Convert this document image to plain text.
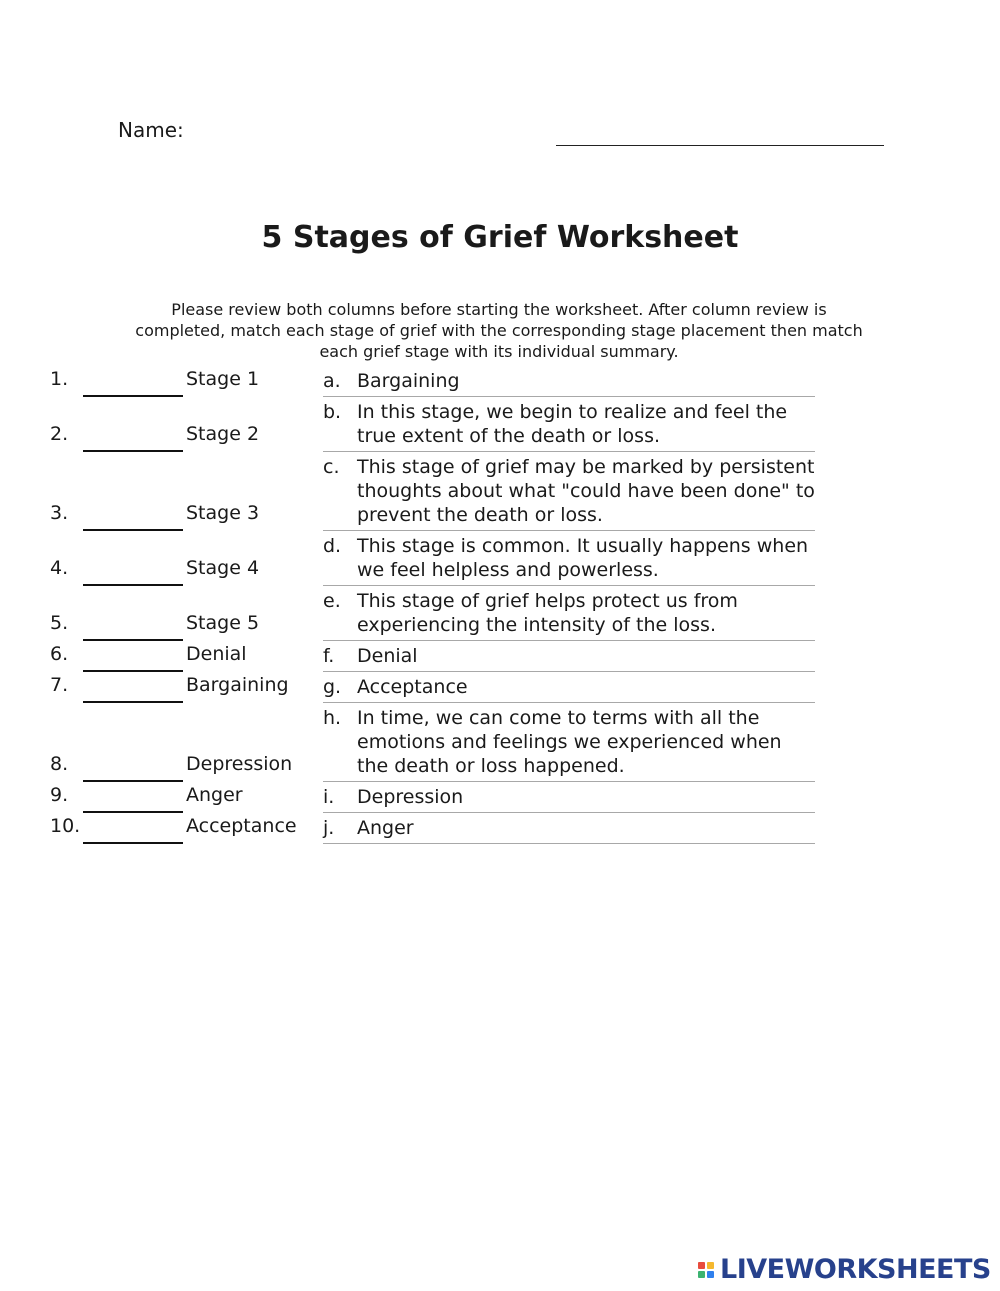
Name:
5 Stages of Grief Worksheet
Please review both columns before starting the worksheet. After column review is completed, match each stage of grief with the corresponding stage placement then match each grief stage with its individual summary.
a. Bargaining
1.	Stage 1
b. In this stage, we begin to realize and feel the true extent of the death or loss.
2.	Stage 2
c. This stage of grief may be marked by persistent thoughts about what "could have been done" to prevent the death or loss.
3.	Stage 3
d. This stage is common. It usually happens when we feel helpless and powerless.
4.	Stage 4
e. This stage of grief helps protect us from experiencing the intensity of the loss.
5.	Stage 5
f.	Denial
6.	Denial
g. Acceptance
7.	Bargaining
h. In time, we can come to terms with all the emotions and feelings we experienced when the death or loss happened.
8.	Depression
i.	Depression
9.	Anger
j.	Anger
10.	Acceptance
LIVEWORKSHEETS
